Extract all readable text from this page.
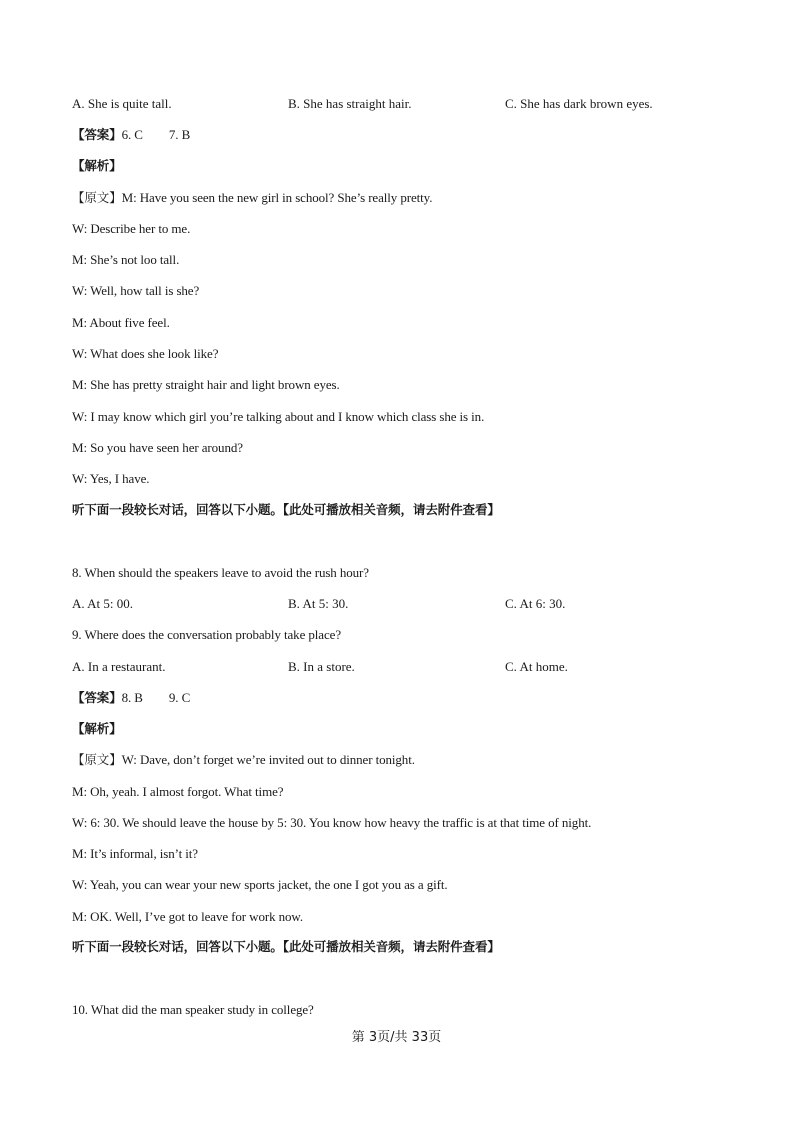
A. She is quite tall.	B. She has straight hair.	C. She has dark brown eyes.
【答案】6. C 7. B
【解析】
【原文】M: Have you seen the new girl in school? She’s really pretty.
W: Describe her to me.
M: She’s not loo tall.
W: Well, how tall is she?
M: About five feel.
W: What does she look like?
M: She has pretty straight hair and light brown eyes.
W: I may know which girl you’re talking about and I know which class she is in.
M: So you have seen her around?
W: Yes, I have.
听下面一段较长对话，回答以下小题。【此处可播放相关音频，请去附件查看】
8. When should the speakers leave to avoid the rush hour?
A. At 5: 00.	B. At 5: 30.	C. At 6: 30.
9. Where does the conversation probably take place?
A. In a restaurant.	B. In a store.	C. At home.
【答案】8. B 9. C
【解析】
【原文】W: Dave, don’t forget we’re invited out to dinner tonight.
M: Oh, yeah. I almost forgot. What time?
W: 6: 30. We should leave the house by 5: 30. You know how heavy the traffic is at that time of night.
M: It’s informal, isn’t it?
W: Yeah, you can wear your new sports jacket, the one I got you as a gift.
M: OK. Well, I’ve got to leave for work now.
听下面一段较长对话，回答以下小题。【此处可播放相关音频，请去附件查看】
10. What did the man speaker study in college?
第 3页/共 33页
